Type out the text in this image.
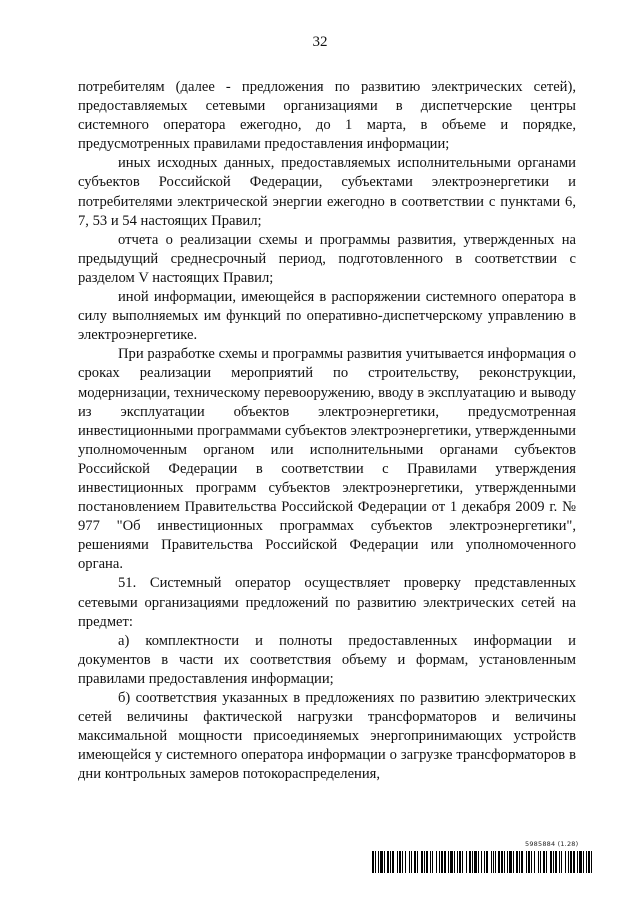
32

потребителям (далее - предложения по развитию электрических сетей), предоставляемых сетевыми организациями в диспетчерские центры системного оператора ежегодно, до 1 марта, в объеме и порядке, предусмотренных правилами предоставления информации;

иных исходных данных, предоставляемых исполнительными органами субъектов Российской Федерации, субъектами электроэнергетики и потребителями электрической энергии ежегодно в соответствии с пунктами 6, 7, 53 и 54 настоящих Правил;

отчета о реализации схемы и программы развития, утвержденных на предыдущий среднесрочный период, подготовленного в соответствии с разделом V настоящих Правил;

иной информации, имеющейся в распоряжении системного оператора в силу выполняемых им функций по оперативно-диспетчерскому управлению в электроэнергетике.

При разработке схемы и программы развития учитывается информация о сроках реализации мероприятий по строительству, реконструкции, модернизации, техническому перевооружению, вводу в эксплуатацию и выводу из эксплуатации объектов электроэнергетики, предусмотренная инвестиционными программами субъектов электроэнергетики, утвержденными уполномоченным органом или исполнительными органами субъектов Российской Федерации в соответствии с Правилами утверждения инвестиционных программ субъектов электроэнергетики, утвержденными постановлением Правительства Российской Федерации от 1 декабря 2009 г. № 977 "Об инвестиционных программах субъектов электроэнергетики", решениями Правительства Российской Федерации или уполномоченного органа.

51. Системный оператор осуществляет проверку представленных сетевыми организациями предложений по развитию электрических сетей на предмет:

а) комплектности и полноты предоставленных информации и документов в части их соответствия объему и формам, установленным правилами предоставления информации;

б) соответствия указанных в предложениях по развитию электрических сетей величины фактической нагрузки трансформаторов и величины максимальной мощности присоединяемых энергопринимающих устройств имеющейся у системного оператора информации о загрузке трансформаторов в дни контрольных замеров потокораспределения,

5985884 (1.28)
